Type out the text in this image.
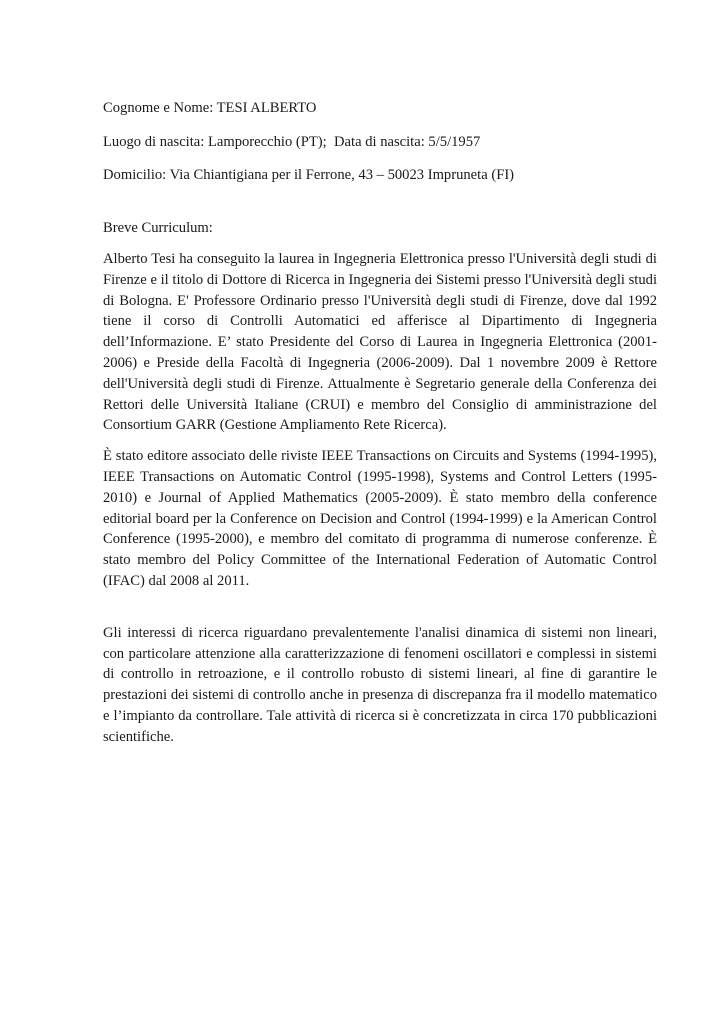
Cognome e Nome: TESI ALBERTO

Luogo di nascita: Lamporecchio (PT); Data di nascita: 5/5/1957

Domicilio: Via Chiantigiana per il Ferrone, 43 – 50023 Impruneta (FI)

Breve Curriculum:

Alberto Tesi ha conseguito la laurea in Ingegneria Elettronica presso l'Università degli studi di Firenze e il titolo di Dottore di Ricerca in Ingegneria dei Sistemi presso l'Università degli studi di Bologna. E' Professore Ordinario presso l'Università degli studi di Firenze, dove dal 1992 tiene il corso di Controlli Automatici ed afferisce al Dipartimento di Ingegneria dell’Informazione. E’ stato Presidente del Corso di Laurea in Ingegneria Elettronica (2001-2006) e Preside della Facoltà di Ingegneria (2006-2009). Dal 1 novembre 2009 è Rettore dell'Università degli studi di Firenze. Attualmente è Segretario generale della Conferenza dei Rettori delle Università Italiane (CRUI) e membro del Consiglio di amministrazione del Consortium GARR (Gestione Ampliamento Rete Ricerca).

È stato editore associato delle riviste IEEE Transactions on Circuits and Systems (1994-1995), IEEE Transactions on Automatic Control (1995-1998), Systems and Control Letters (1995-2010) e Journal of Applied Mathematics (2005-2009). È stato membro della conference editorial board per la Conference on Decision and Control (1994-1999) e la American Control Conference (1995-2000), e membro del comitato di programma di numerose conferenze. È stato membro del Policy Committee of the International Federation of Automatic Control (IFAC) dal 2008 al 2011.

Gli interessi di ricerca riguardano prevalentemente l'analisi dinamica di sistemi non lineari, con particolare attenzione alla caratterizzazione di fenomeni oscillatori e complessi in sistemi di controllo in retroazione, e il controllo robusto di sistemi lineari, al fine di garantire le prestazioni dei sistemi di controllo anche in presenza di discrepanza fra il modello matematico e l’impianto da controllare. Tale attività di ricerca si è concretizzata in circa 170 pubblicazioni scientifiche.
